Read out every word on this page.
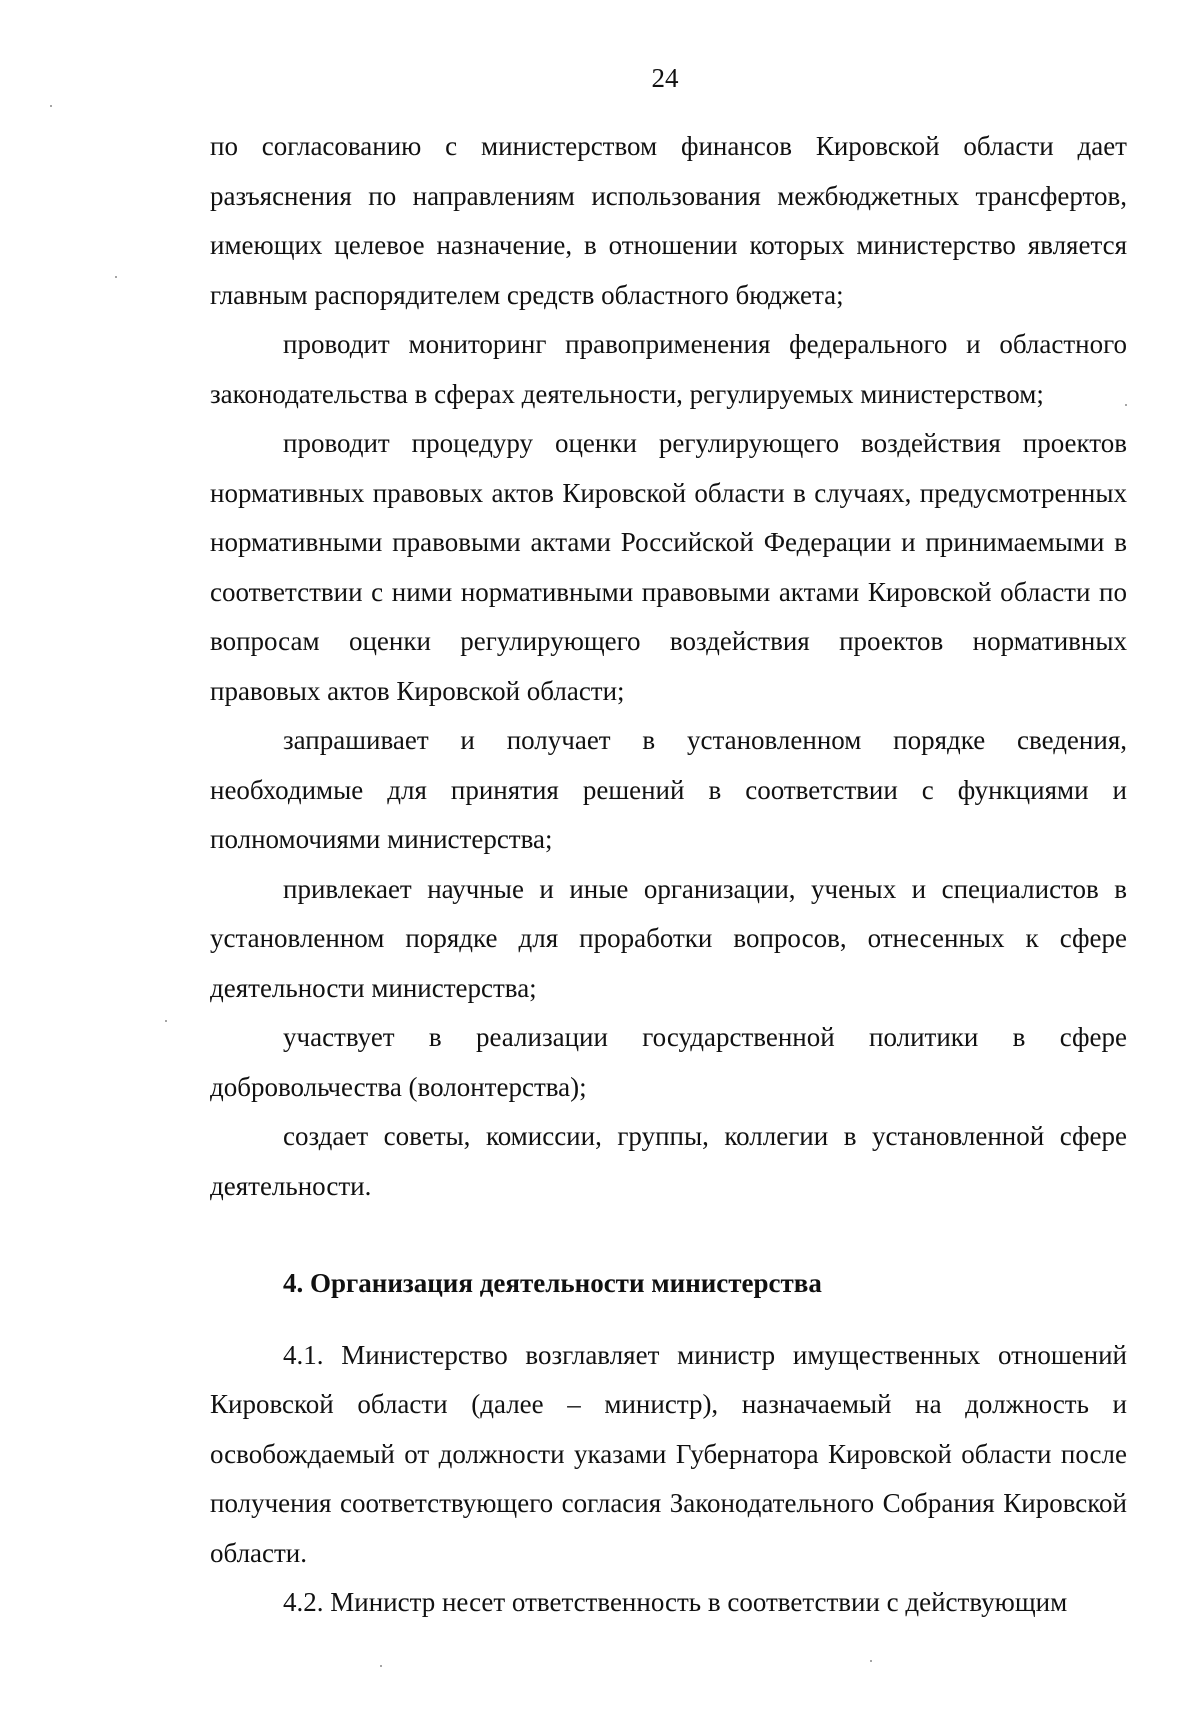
24

по согласованию с министерством финансов Кировской области дает разъяснения по направлениям использования межбюджетных трансфертов, имеющих целевое назначение, в отношении которых министерство является главным распорядителем средств областного бюджета;

проводит мониторинг правоприменения федерального и областного законодательства в сферах деятельности, регулируемых министерством;

проводит процедуру оценки регулирующего воздействия проектов нормативных правовых актов Кировской области в случаях, предусмотренных нормативными правовыми актами Российской Федерации и принимаемыми в соответствии с ними нормативными правовыми актами Кировской области по вопросам оценки регулирующего воздействия проектов нормативных правовых актов Кировской области;

запрашивает и получает в установленном порядке сведения, необходимые для принятия решений в соответствии с функциями и полномочиями министерства;

привлекает научные и иные организации, ученых и специалистов в установленном порядке для проработки вопросов, отнесенных к сфере деятельности министерства;

участвует в реализации государственной политики в сфере добровольчества (волонтерства);

создает советы, комиссии, группы, коллегии в установленной сфере деятельности.

4. Организация деятельности министерства

4.1. Министерство возглавляет министр имущественных отношений Кировской области (далее – министр), назначаемый на должность и освобождаемый от должности указами Губернатора Кировской области после получения соответствующего согласия Законодательного Собрания Кировской области.

4.2. Министр несет ответственность в соответствии с действующим
